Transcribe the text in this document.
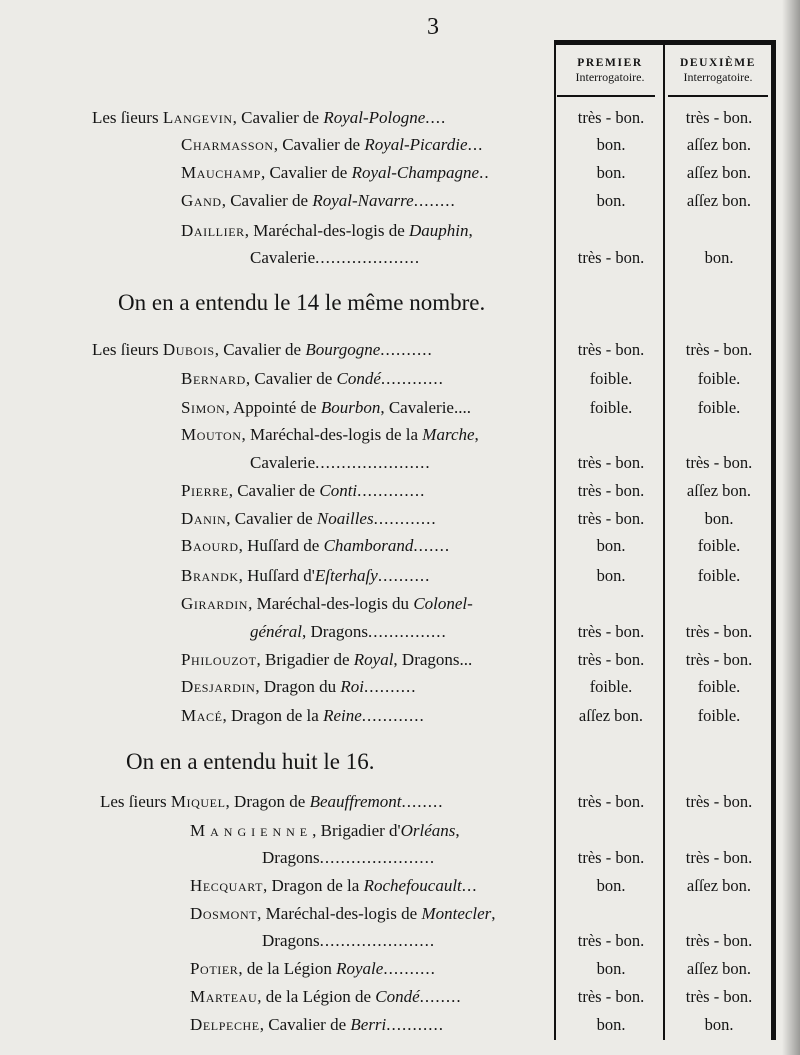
3
PREMIER
Interrogatoire.
DEUXIÈME
Interrogatoire.
On en a entendu le 14 le même nombre.
On en a entendu huit le 16.
Les ſieurs Langevin, Cavalier de Royal-Pologne....	très - bon.	très - bon.
Charmasson, Cavalier de Royal-Picardie...	bon.	aſſez bon.
Mauchamp, Cavalier de Royal-Champagne..	bon.	aſſez bon.
Gand, Cavalier de Royal-Navarre........	bon.	aſſez bon.
Daillier, Maréchal-des-logis de Dauphin,
Cavalerie....................	très - bon.	bon.
Les ſieurs Dubois, Cavalier de Bourgogne..........	très - bon.	très - bon.
Bernard, Cavalier de Condé............	foible.	foible.
Simon, Appointé de Bourbon, Cavalerie....	foible.	foible.
Mouton, Maréchal-des-logis de la Marche,
Cavalerie......................	très - bon.	très - bon.
Pierre, Cavalier de Conti.............	très - bon.	aſſez bon.
Danin, Cavalier de Noailles............	très - bon.	bon.
Baourd, Huſſard de Chamborand.......	bon.	foible.
Brandk, Huſſard d'Eſterhaſy..........	bon.	foible.
Girardin, Maréchal-des-logis du Colonel-
général, Dragons...............	très - bon.	très - bon.
Philouzot, Brigadier de Royal, Dragons...	très - bon.	très - bon.
Desjardin, Dragon du Roi..........	foible.	foible.
Macé, Dragon de la Reine............	aſſez bon.	foible.
Les ſieurs Miquel, Dragon de Beauffremont........	très - bon.	très - bon.
Mangienne, Brigadier d'Orléans,
Dragons......................	très - bon.	très - bon.
Hecquart, Dragon de la Rochefoucault...	bon.	aſſez bon.
Dosmont, Maréchal-des-logis de Montecler,
Dragons......................	très - bon.	très - bon.
Potier, de la Légion Royale..........	bon.	aſſez bon.
Marteau, de la Légion de Condé........	très - bon.	très - bon.
Delpeche, Cavalier de Berri...........	bon.	bon.
